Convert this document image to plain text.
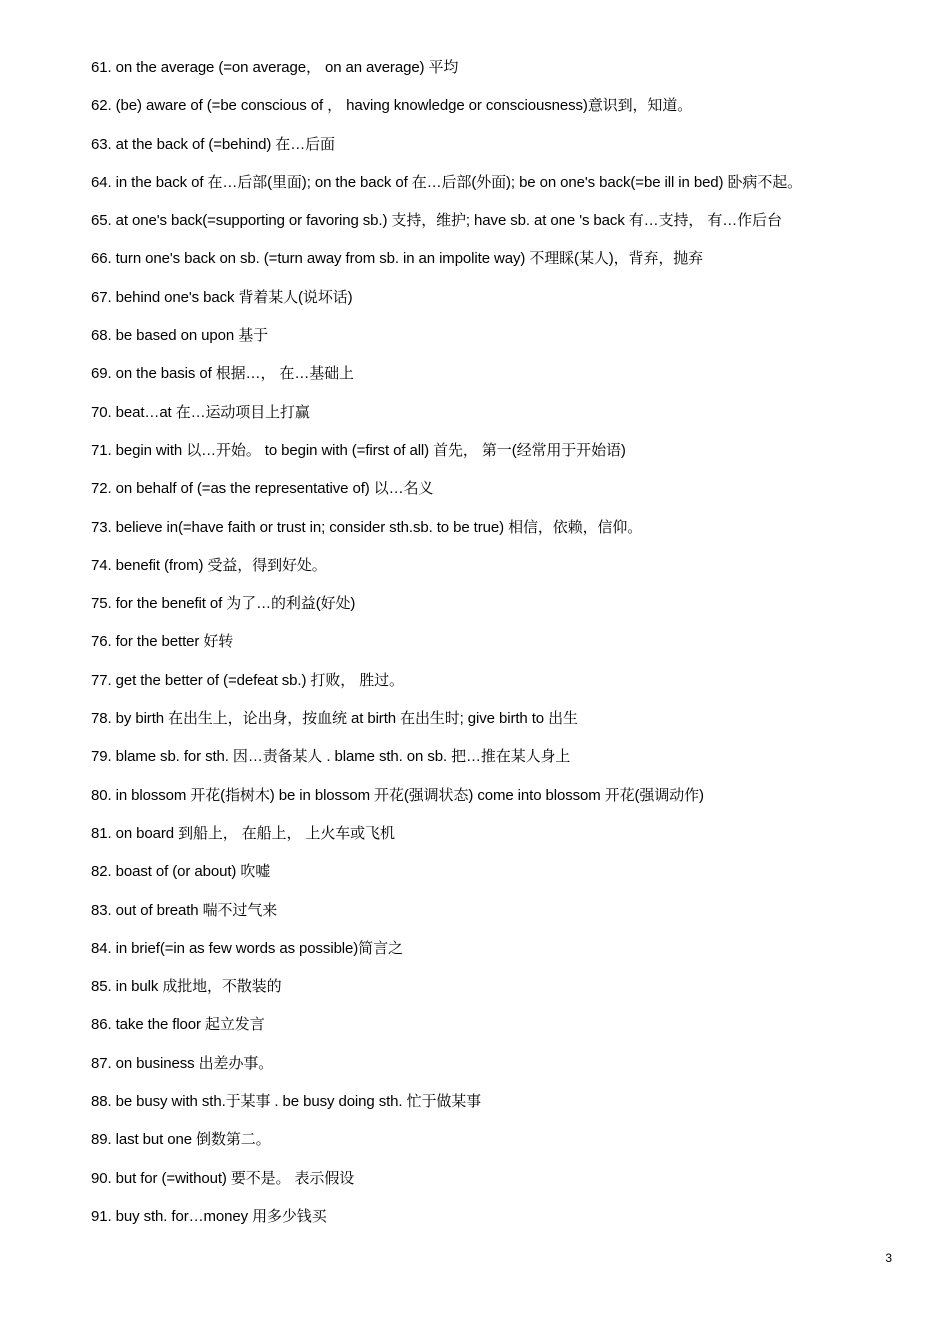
61. on the average (=on average， on an average) 平均
62. (be) aware of (=be conscious of ， having knowledge or consciousness)意识到，知道。
63. at the back of (=behind) 在…后面
64. in the back of 在…后部(里面); on the back of 在…后部(外面); be on one's back(=be ill in bed) 卧病不起。
65. at one's back(=supporting or favoring sb.) 支持，维护; have sb. at one 's back 有…支持， 有…作后台
66. turn one's back on sb. (=turn away from sb. in an impolite way) 不理睬(某人)，背弃，抛弃
67. behind one's back 背着某人(说坏话)
68. be based on upon 基于
69. on the basis of 根据…， 在…基础上
70. beat…at 在…运动项目上打赢
71. begin with 以…开始。 to begin with (=first of all) 首先， 第一(经常用于开始语)
72. on behalf of (=as the representative of) 以…名义
73. believe in(=have faith or trust in; consider sth.sb. to be true) 相信，依赖，信仰。
74. benefit (from) 受益，得到好处。
75. for the benefit of 为了…的利益(好处)
76. for the better 好转
77. get the better of (=defeat sb.) 打败， 胜过。
78. by birth 在出生上，论出身，按血统 at birth 在出生时; give birth to 出生
79. blame sb. for sth. 因…责备某人 . blame sth. on sb. 把…推在某人身上
80. in blossom 开花(指树木) be in blossom 开花(强调状态) come into blossom 开花(强调动作)
81. on board 到船上， 在船上， 上火车或飞机
82. boast of (or about) 吹嘘
83. out of breath 喘不过气来
84. in brief(=in as few words as possible)简言之
85. in bulk 成批地，不散装的
86. take the floor 起立发言
87. on business 出差办事。
88. be busy with sth.于某事 . be busy doing sth. 忙于做某事
89. last but one 倒数第二。
90. but for (=without) 要不是。 表示假设
91. buy sth. for…money 用多少钱买
3
